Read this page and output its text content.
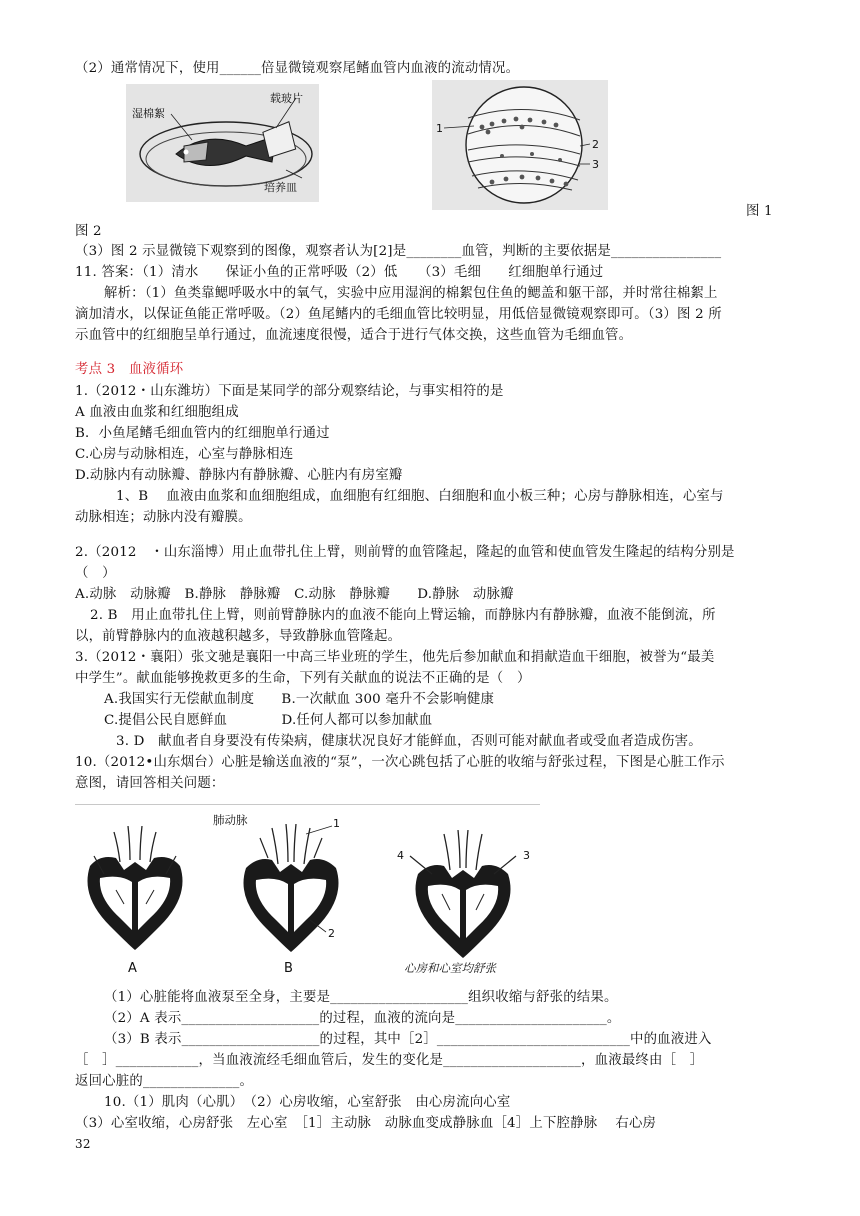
（2）通常情况下，使用______倍显微镜观察尾鳍血管内血液的流动情况。
湿棉絮
载玻片
培养皿
1
2
3
图 1
图 2
（3）图 2 示显微镜下观察到的图像，观察者认为[2]是________血管，判断的主要依据是________________
11. 答案：（1）清水　　保证小鱼的正常呼吸（2）低　　（3）毛细　　红细胞单行通过
解析：（1）鱼类靠鳃呼吸水中的氧气，实验中应用湿润的棉絮包住鱼的鳃盖和躯干部，并时常往棉絮上
滴加清水，以保证鱼能正常呼吸。（2）鱼尾鳍内的毛细血管比较明显，用低倍显微镜观察即可。（3）图 2 所
示血管中的红细胞呈单行通过，血流速度很慢，适合于进行气体交换，这些血管为毛细血管。
考点 3　血液循环
1.（2012・山东潍坊）下面是某同学的部分观察结论，与事实相符的是
A 血液由血浆和红细胞组成
B．小鱼尾鳍毛细血管内的红细胞单行通过
C.心房与动脉相连，心室与静脉相连
D.动脉内有动脉瓣、静脉内有静脉瓣、心脏内有房室瓣
1、B　 血液由血浆和血细胞组成，血细胞有红细胞、白细胞和血小板三种；心房与静脉相连，心室与
动脉相连；动脉内没有瓣膜。
2.（2012　・山东淄博）用止血带扎住上臂，则前臂的血管隆起，隆起的血管和使血管发生隆起的结构分别是
（　）
A.动脉　动脉瓣　B.静脉　静脉瓣　C.动脉　静脉瓣　　D.静脉　动脉瓣
2. B　用止血带扎住上臂，则前臂静脉内的血液不能向上臂运输，而静脉内有静脉瓣，血液不能倒流，所
以，前臂静脉内的血液越积越多，导致静脉血管隆起。
3.（2012・襄阳）张文驰是襄阳一中高三毕业班的学生，他先后参加献血和捐献造血干细胞，被誉为“最美
中学生”。献血能够挽救更多的生命，下列有关献血的说法不正确的是（　）
A.我国实行无偿献血制度　　B.一次献血 300 毫升不会影响健康
C.提倡公民自愿鲜血　　　　D.任何人都可以参加献血
3. D　献血者自身要没有传染病，健康状况良好才能鲜血，否则可能对献血者或受血者造成伤害。
10.（2012•山东烟台）心脏是输送血液的“泵”，一次心跳包括了心脏的收缩与舒张过程，下图是心脏工作示
意图，请回答相关问题：
肺动脉	1
2
3
4
A	B	心房和心室均舒张
（1）心脏能将血液泵至全身，主要是____________________组织收缩与舒张的结果。
（2）A 表示____________________的过程，血液的流向是______________________。
（3）B 表示____________________的过程，其中［2］____________________________中的血液进入
［　］____________，当血液流经毛细血管后，发生的变化是____________________，血液最终由［　］
返回心脏的______________。
10.（1）肌肉（心肌）　（2）心房收缩，心室舒张　由心房流向心室
（3）心室收缩，心房舒张　左心室　［1］主动脉　动脉血变成静脉血［4］上下腔静脉　 右心房
32
